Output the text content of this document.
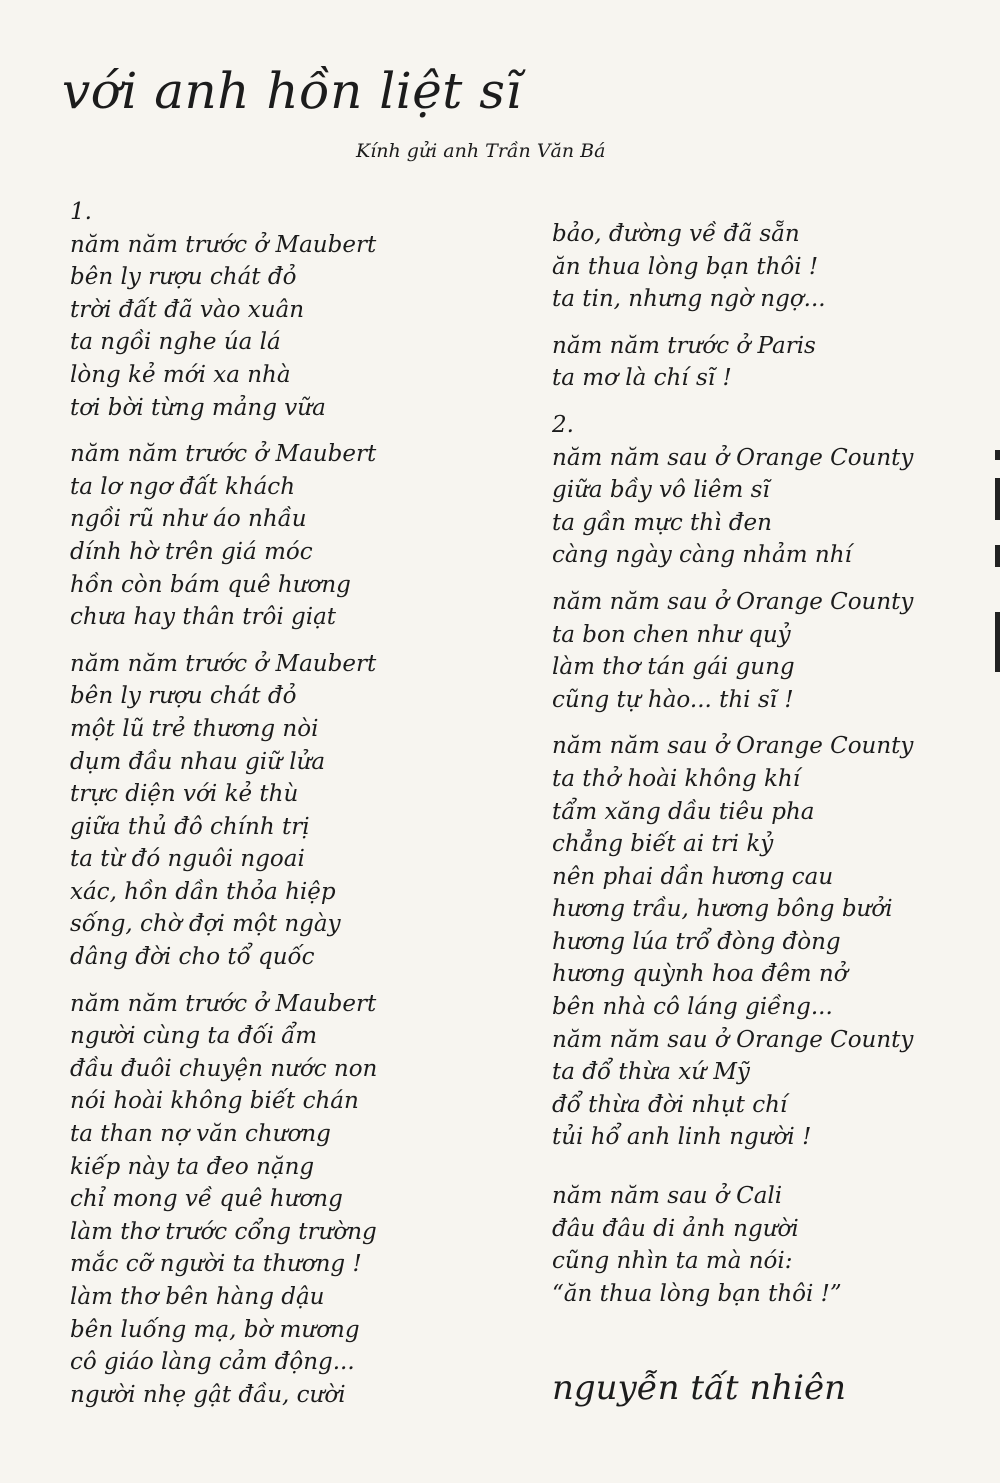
với anh hồn liệt sĩ
Kính gửi anh Trần Văn Bá
1.
năm năm trước ở Maubert
bên ly rượu chát đỏ
trời đất đã vào xuân
ta ngồi nghe úa lá
lòng kẻ mới xa nhà
tơi bời từng mảng vữa
năm năm trước ở Maubert
ta lơ ngơ đất khách
ngồi rũ như áo nhầu
dính hờ trên giá móc
hồn còn bám quê hương
chưa hay thân trôi giạt
năm năm trước ở Maubert
bên ly rượu chát đỏ
một lũ trẻ thương nòi
dụm đầu nhau giữ lửa
trực diện với kẻ thù
giữa thủ đô chính trị
ta từ đó nguôi ngoai
xác, hồn dần thỏa hiệp
sống, chờ đợi một ngày
dâng đời cho tổ quốc
năm năm trước ở Maubert
người cùng ta đối ẩm
đầu đuôi chuyện nước non
nói hoài không biết chán
ta than nợ văn chương
kiếp này ta đeo nặng
chỉ mong về quê hương
làm thơ trước cổng trường
mắc cỡ người ta thương !
làm thơ bên hàng dậu
bên luống mạ, bờ mương
cô giáo làng cảm động...
người nhẹ gật đầu, cười
bảo, đường về đã sẵn
ăn thua lòng bạn thôi !
ta tin, nhưng ngờ ngợ...
năm năm trước ở Paris
ta mơ là chí sĩ !
2.
năm năm sau ở Orange County
giữa bầy vô liêm sĩ
ta gần mực thì đen
càng ngày càng nhảm nhí
năm năm sau ở Orange County
ta bon chen như quỷ
làm thơ tán gái gung
cũng tự hào... thi sĩ !
năm năm sau ở Orange County
ta thở hoài không khí
tẩm xăng dầu tiêu pha
chẳng biết ai tri kỷ
nên phai dần hương cau
hương trầu, hương bông bưởi
hương lúa trổ đòng đòng
hương quỳnh hoa đêm nở
bên nhà cô láng giềng...
năm năm sau ở Orange County
ta đổ thừa xứ Mỹ
đổ thừa đời nhụt chí
tủi hổ anh linh người !
năm năm sau ở Cali
đâu đâu di ảnh người
cũng nhìn ta mà nói:
“ăn thua lòng bạn thôi !”
nguyễn tất nhiên
